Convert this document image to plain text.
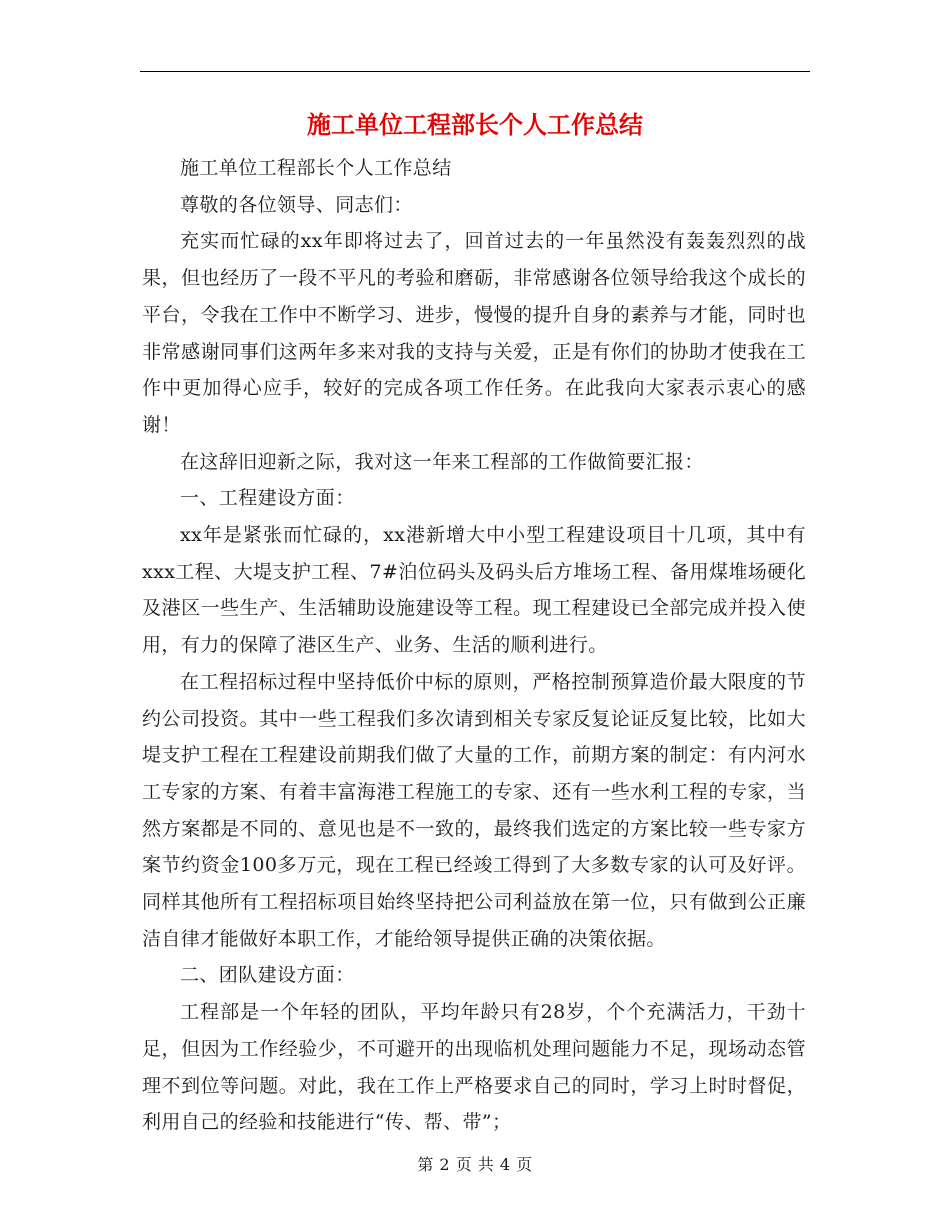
施工单位工程部长个人工作总结

施工单位工程部长个人工作总结

尊敬的各位领导、同志们：

充实而忙碌的xx年即将过去了，回首过去的一年虽然没有轰轰烈烈的战果，但也经历了一段不平凡的考验和磨砺，非常感谢各位领导给我这个成长的平台，令我在工作中不断学习、进步，慢慢的提升自身的素养与才能，同时也非常感谢同事们这两年多来对我的支持与关爱，正是有你们的协助才使我在工作中更加得心应手，较好的完成各项工作任务。在此我向大家表示衷心的感谢！

在这辞旧迎新之际，我对这一年来工程部的工作做简要汇报：

一、工程建设方面：

xx年是紧张而忙碌的，xx港新增大中小型工程建设项目十几项，其中有xxx工程、大堤支护工程、7#泊位码头及码头后方堆场工程、备用煤堆场硬化及港区一些生产、生活辅助设施建设等工程。现工程建设已全部完成并投入使用，有力的保障了港区生产、业务、生活的顺利进行。

在工程招标过程中坚持低价中标的原则，严格控制预算造价最大限度的节约公司投资。其中一些工程我们多次请到相关专家反复论证反复比较，比如大堤支护工程在工程建设前期我们做了大量的工作，前期方案的制定：有内河水工专家的方案、有着丰富海港工程施工的专家、还有一些水利工程的专家，当然方案都是不同的、意见也是不一致的，最终我们选定的方案比较一些专家方案节约资金100多万元，现在工程已经竣工得到了大多数专家的认可及好评。同样其他所有工程招标项目始终坚持把公司利益放在第一位，只有做到公正廉洁自律才能做好本职工作，才能给领导提供正确的决策依据。

二、团队建设方面：

工程部是一个年轻的团队，平均年龄只有28岁，个个充满活力，干劲十足，但因为工作经验少，不可避开的出现临机处理问题能力不足，现场动态管理不到位等问题。对此，我在工作上严格要求自己的同时，学习上时时督促，利用自己的经验和技能进行“传、帮、带”；

第 2 页 共 4 页
